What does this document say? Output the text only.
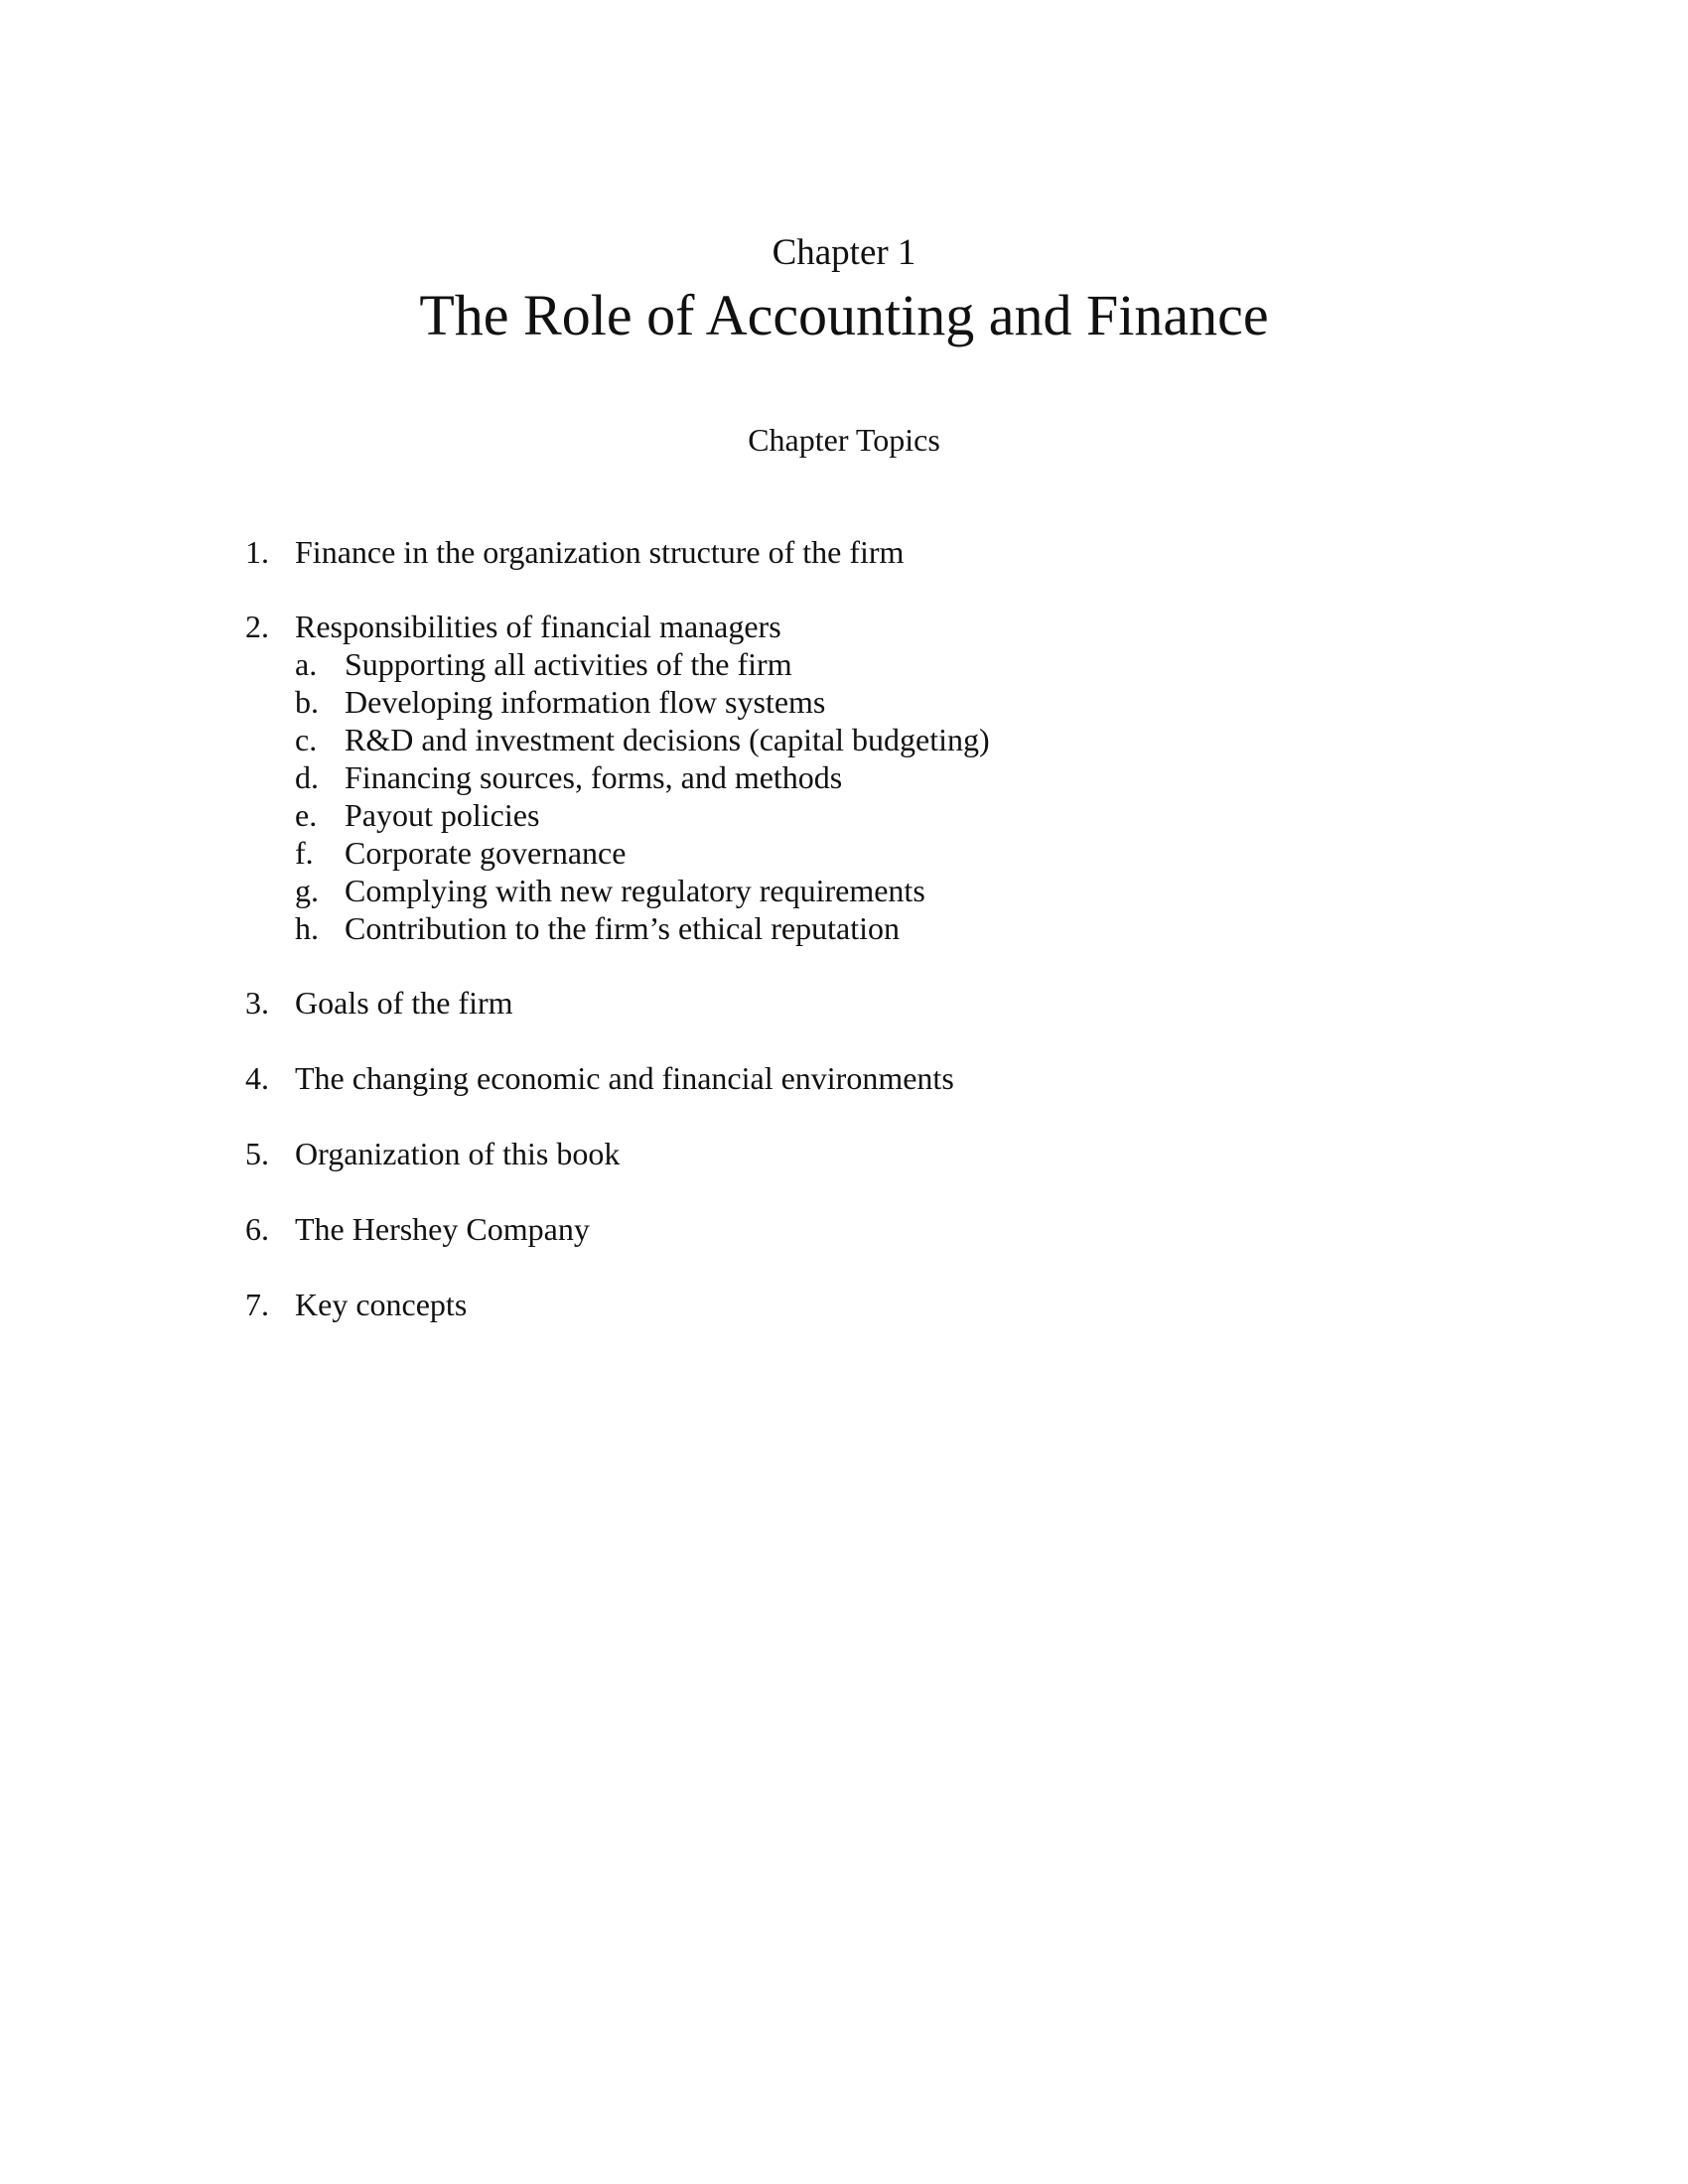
Chapter 1
The Role of Accounting and Finance
Chapter Topics
1. Finance in the organization structure of the firm
2. Responsibilities of financial managers
a. Supporting all activities of the firm
b. Developing information flow systems
c. R&D and investment decisions (capital budgeting)
d. Financing sources, forms, and methods
e. Payout policies
f. Corporate governance
g. Complying with new regulatory requirements
h. Contribution to the firm’s ethical reputation
3. Goals of the firm
4. The changing economic and financial environments
5. Organization of this book
6. The Hershey Company
7. Key concepts
